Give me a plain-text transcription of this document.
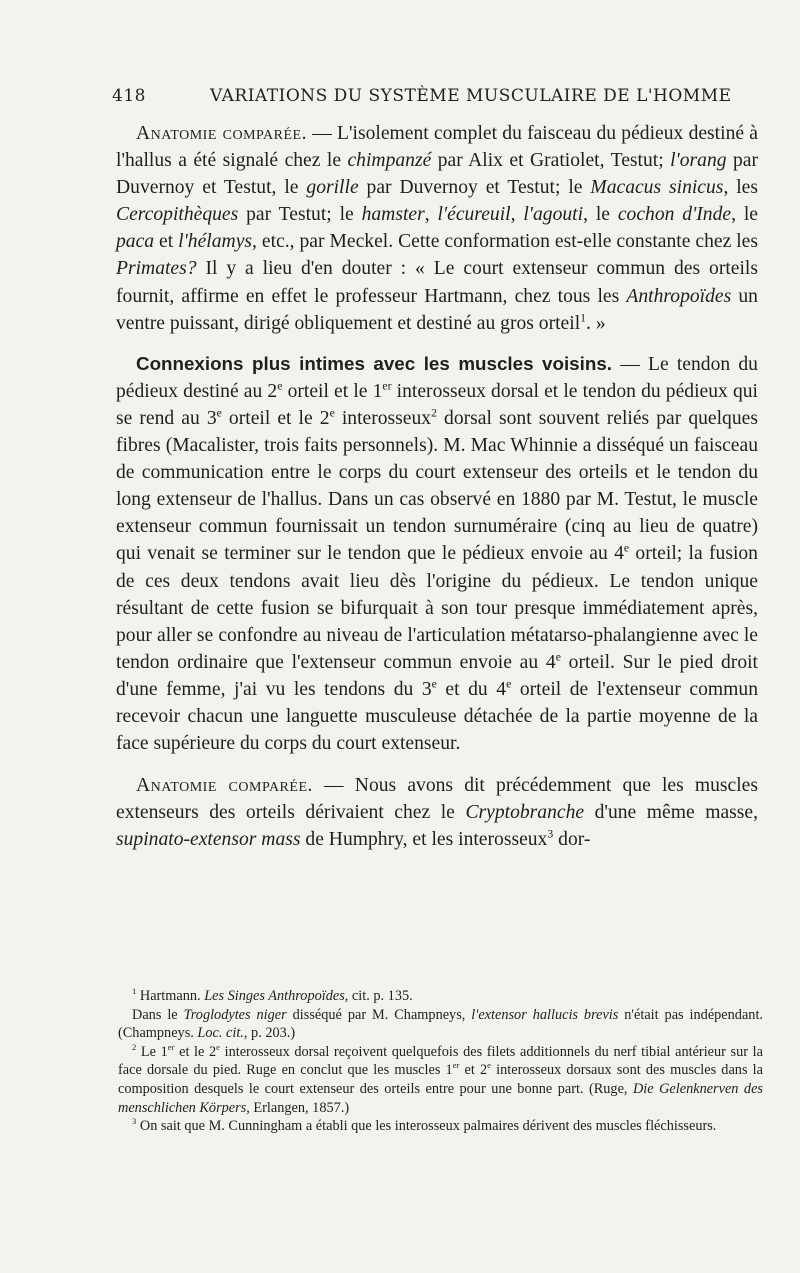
418	VARIATIONS DU SYSTÈME MUSCULAIRE DE L'HOMME

Anatomie comparée. — L'isolement complet du faisceau du pédieux destiné à l'hallus a été signalé chez le chimpanzé par Alix et Gratiolet, Testut; l'orang par Duvernoy et Testut, le gorille par Duvernoy et Testut; le Macacus sinicus, les Cercopithèques par Testut; le hamster, l'écureuil, l'agouti, le cochon d'Inde, le paca et l'hélamys, etc., par Meckel. Cette conformation est-elle constante chez les Primates? Il y a lieu d'en douter : « Le court extenseur commun des orteils fournit, affirme en effet le professeur Hartmann, chez tous les Anthropoïdes un ventre puissant, dirigé obliquement et destiné au gros orteil$^1$. »

Connexions plus intimes avec les muscles voisins. — Le tendon du pédieux destiné au 2e orteil et le 1er interosseux dorsal et le tendon du pédieux qui se rend au 3e orteil et le 2e interosseux$^2$ dorsal sont souvent reliés par quelques fibres (Macalister, trois faits personnels). M. Mac Whinnie a disséqué un faisceau de communication entre le corps du court extenseur des orteils et le tendon du long extenseur de l'hallus. Dans un cas observé en 1880 par M. Testut, le muscle extenseur commun fournissait un tendon surnuméraire (cinq au lieu de quatre) qui venait se terminer sur le tendon que le pédieux envoie au 4e orteil; la fusion de ces deux tendons avait lieu dès l'origine du pédieux. Le tendon unique résultant de cette fusion se bifurquait à son tour presque immédiatement après, pour aller se confondre au niveau de l'articulation métatarso-phalangienne avec le tendon ordinaire que l'extenseur commun envoie au 4e orteil. Sur le pied droit d'une femme, j'ai vu les tendons du 3e et du 4e orteil de l'extenseur commun recevoir chacun une languette musculeuse détachée de la partie moyenne de la face supérieure du corps du court extenseur.

Anatomie comparée. — Nous avons dit précédemment que les muscles extenseurs des orteils dérivaient chez le Cryptobranche d'une même masse, supinato-extensor mass de Humphry, et les interosseux$^3$ dor-

$^1$ Hartmann. Les Singes Anthropoïdes, cit. p. 135.

Dans le Troglodytes niger disséqué par M. Champneys, l'extensor hallucis brevis n'était pas indépendant. (Champneys. Loc. cit., p. 203.)

$^2$ Le 1er et le 2e interosseux dorsal reçoivent quelquefois des filets additionnels du nerf tibial antérieur sur la face dorsale du pied. Ruge en conclut que les muscles 1er et 2e interosseux dorsaux sont des muscles dans la composition desquels le court extenseur des orteils entre pour une bonne part. (Ruge, Die Gelenknerven des menschlichen Körpers, Erlangen, 1857.)

$^3$ On sait que M. Cunningham a établi que les interosseux palmaires dérivent des muscles fléchisseurs.
